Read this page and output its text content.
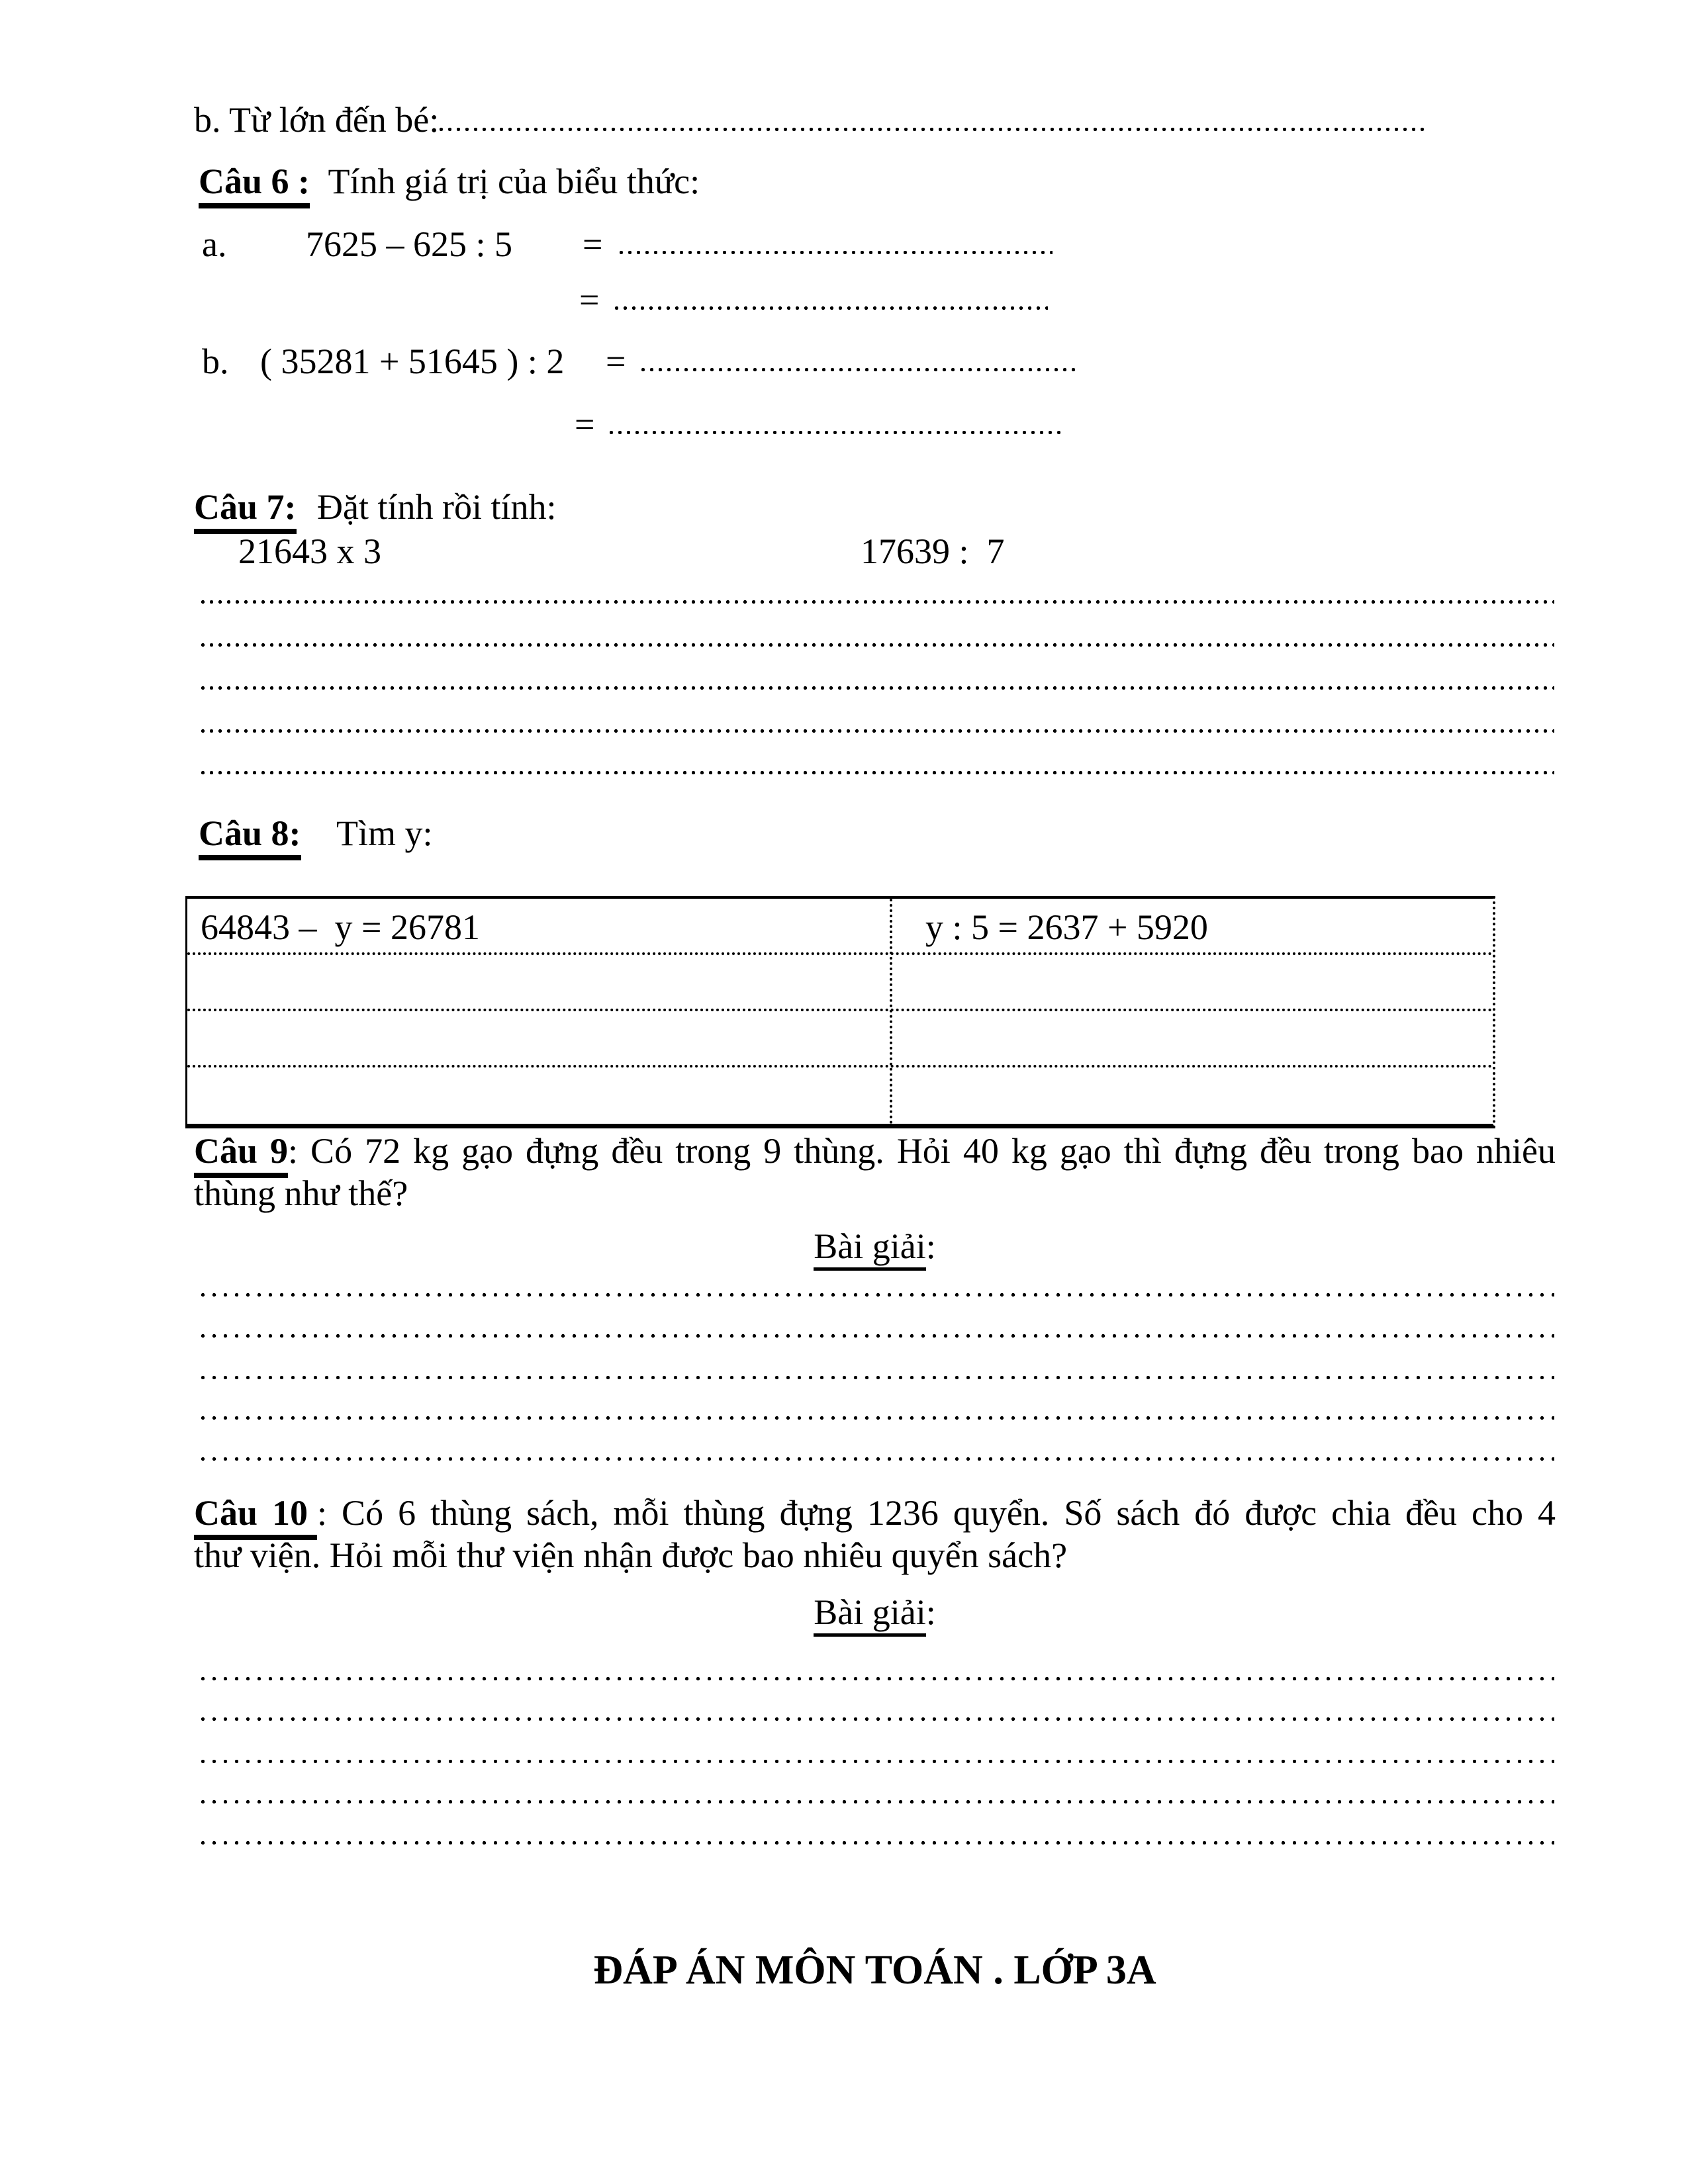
b. Từ lớn đến bé:
Câu 6 : Tính giá trị của biểu thức:
a. 7625 – 625 : 5 =
=
b. ( 35281 + 51645 ) : 2 =
=
Câu 7: Đặt tính rồi tính:
21643 x 3	17639 :  7
Câu 8: Tìm y:
64843 –  y = 26781	y : 5 = 2637 + 5920
Câu 9: Có 72 kg gạo đựng đều trong 9 thùng. Hỏi 40 kg gạo thì đựng đều trong bao nhiêu
thùng như thế?
Bài giải:
Câu 10 : Có 6 thùng sách, mỗi thùng đựng 1236 quyển. Số sách đó được chia đều cho 4
thư viện. Hỏi mỗi thư viện nhận được bao nhiêu quyển sách?
Bài giải:
ĐÁP ÁN MÔN TOÁN . LỚP 3A
